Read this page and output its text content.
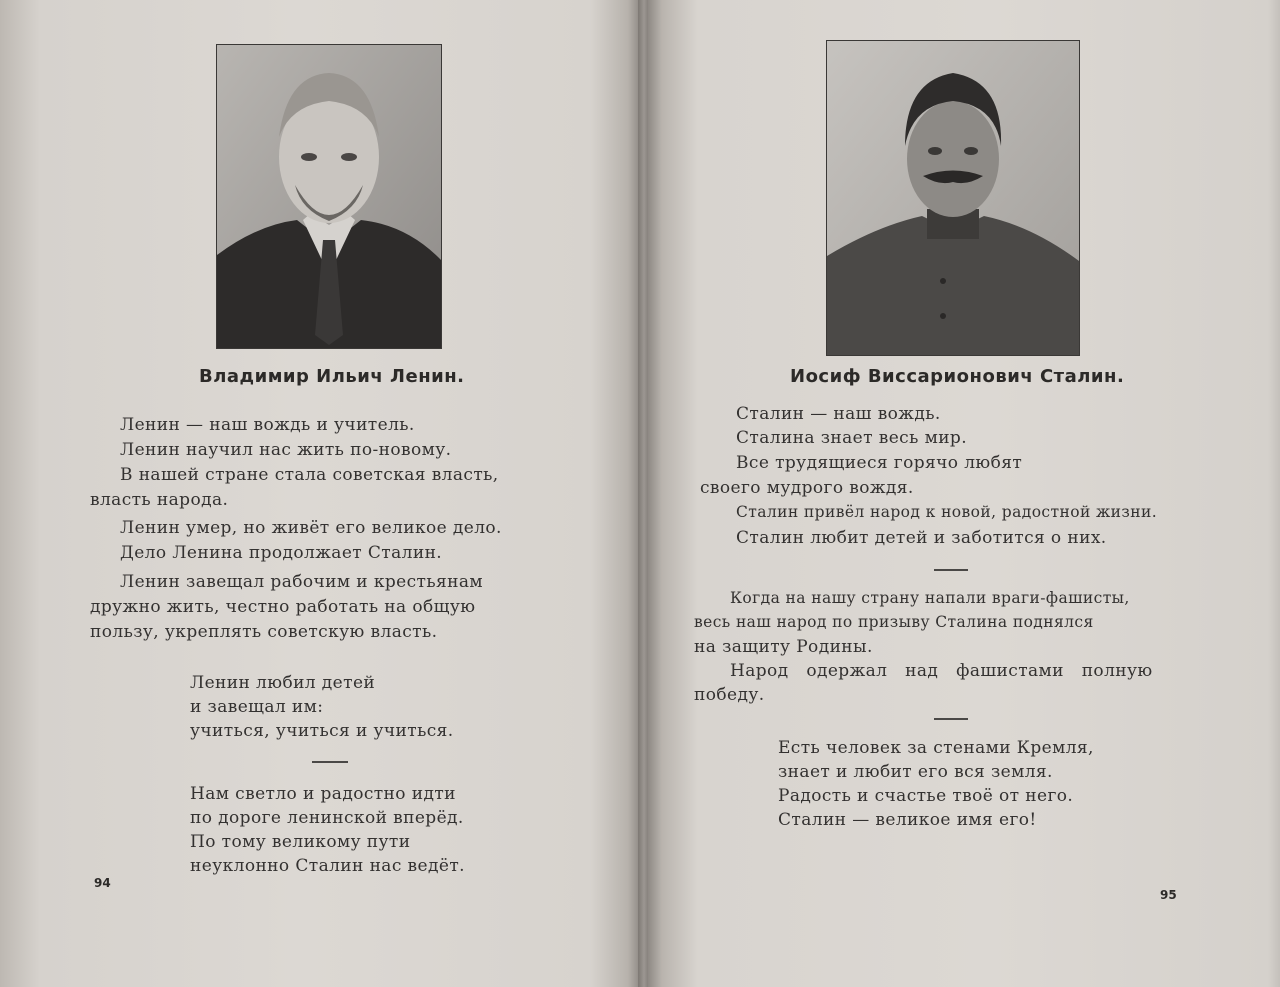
Владимир Ильич Ленин.
Ленин — наш вождь и учитель.
Ленин научил нас жить по-новому.
В нашей стране стала советская власть,
власть народа.
Ленин умер, но живёт его великое дело.
Дело Ленина продолжает Сталин.
Ленин завещал рабочим и крестьянам
дружно жить, честно работать на общую
пользу, укреплять советскую власть.
Ленин любил детей
и завещал им:
учиться, учиться и учиться.
Нам светло и радостно идти
по дороге ленинской вперёд.
По тому великому пути
неуклонно Сталин нас ведёт.
94
Иосиф Виссарионович Сталин.
Сталин — наш вождь.
Сталина знает весь мир.
Все трудящиеся горячо любят
своего мудрого вождя.
Сталин привёл народ к новой, радостной жизни.
Сталин любит детей и заботится о них.
Когда на нашу страну напали враги-фашисты,
весь наш народ по призыву Сталина поднялся
на защиту Родины.
Народ одержал над фашистами полную
победу.
Есть человек за стенами Кремля,
знает и любит его вся земля.
Радость и счастье твоё от него.
Сталин — великое имя его!
95
